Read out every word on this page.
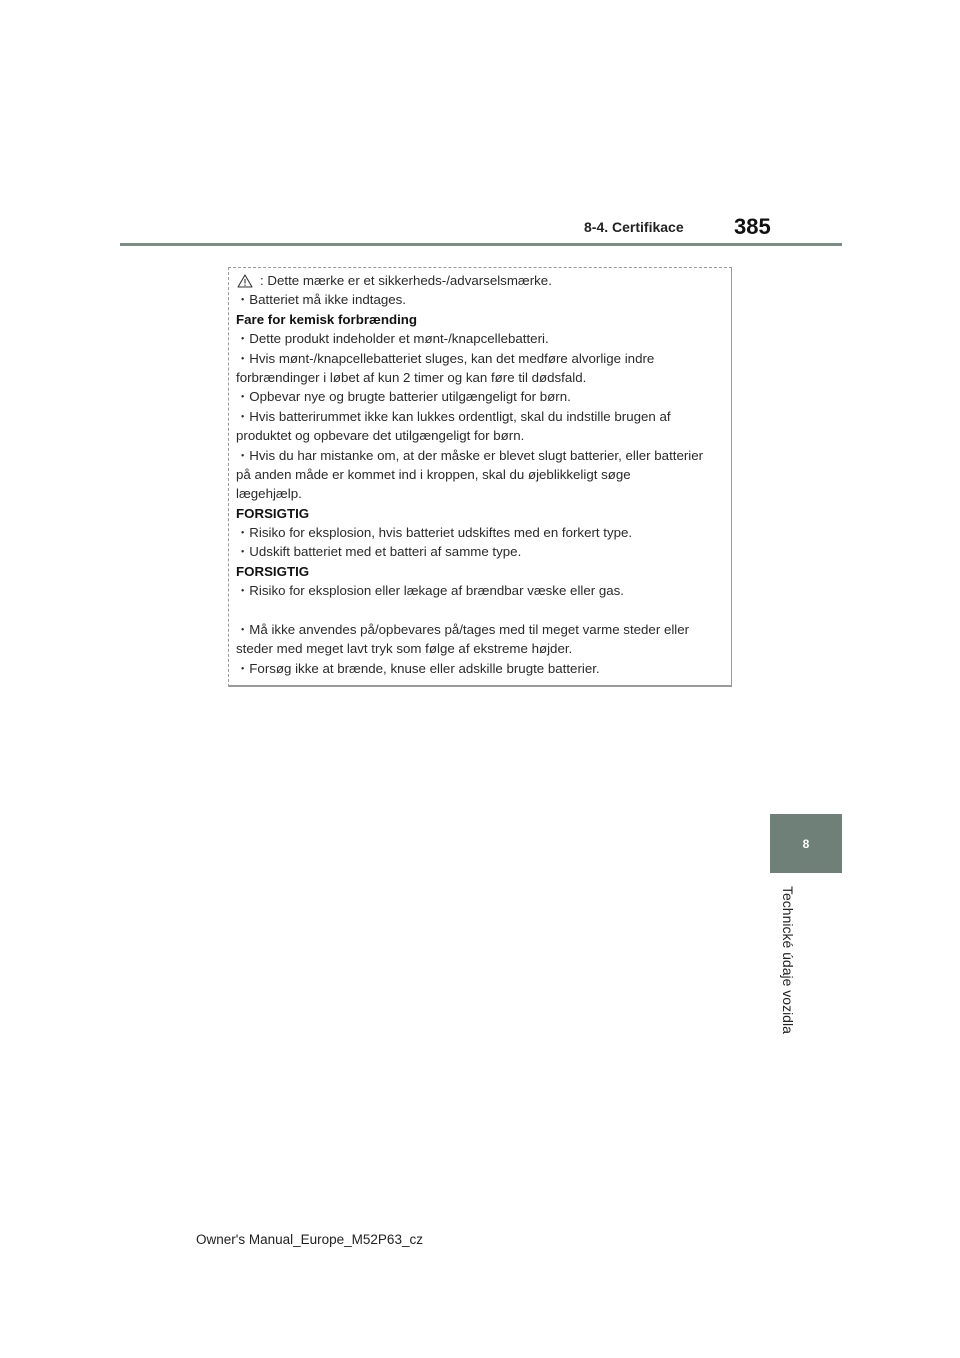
8-4. Certifikace 385
: Dette mærke er et sikkerheds-/advarselsmærke.
・Batteriet må ikke indtages.
Fare for kemisk forbrænding
・Dette produkt indeholder et mønt-/knapcellebatteri.
・Hvis mønt-/knapcellebatteriet sluges, kan det medføre alvorlige indre
forbrændinger i løbet af kun 2 timer og kan føre til dødsfald.
・Opbevar nye og brugte batterier utilgængeligt for børn.
・Hvis batterirummet ikke kan lukkes ordentligt, skal du indstille brugen af
produktet og opbevare det utilgængeligt for børn.
・Hvis du har mistanke om, at der måske er blevet slugt batterier, eller batterier
på anden måde er kommet ind i kroppen, skal du øjeblikkeligt søge
lægehjælp.
FORSIGTIG
・Risiko for eksplosion, hvis batteriet udskiftes med en forkert type.
・Udskift batteriet med et batteri af samme type.
FORSIGTIG
・Risiko for eksplosion eller lækage af brændbar væske eller gas.
・Må ikke anvendes på/opbevares på/tages med til meget varme steder eller
steder med meget lavt tryk som følge af ekstreme højder.
・Forsøg ikke at brænde, knuse eller adskille brugte batterier.
8
Technické údaje vozidla
Owner's Manual_Europe_M52P63_cz
